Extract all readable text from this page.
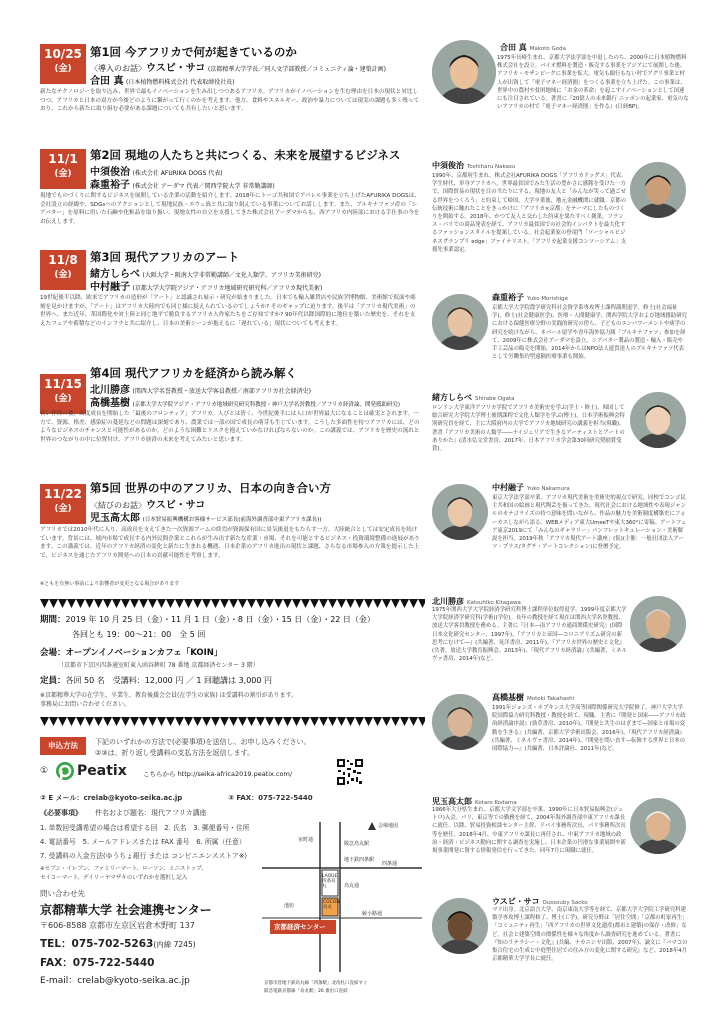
10/25
(金)
第1回 今アフリカで何が起きているのか
〈導入のお話〉ウスビ・サコ (京都精華大学学長／同人文学部教授／コミュニティ論・建築計画)
合田 真 (日本植物燃料株式会社 代表取締役社長)
新たなテクノロジーを取り込み、世界で最もイノベーションを生み出しつつあるアフリカ。アフリカがイノベーションを生む理由を日本の現状と対比しつつ、アフリカと日本の双方が今後どのように繋がって行くのかを考えます。他方、食料やエネルギー、政治や暴力については現実の課題も多く残っており、これから新たに取り組む必要がある課題についても共有したいと思います。
11/1
(金)
第2回 現地の人たちと共につくる、未来を展望するビジネス
中須俊治 (株式会社 AFURIKA DOGS 代表)
森重裕子 (株式会社 アーダマ 代表／関西学院大学 非常勤講師)
現地でものづくりに関するビジネスを展開している企業の活動を紹介します。2018年にトーゴ共和国でアパレル事業を立ち上げたAFURIKA DOGSは、会社設立の経緯や、SDGsへのアクションとして現地民族・エウェ族と共に取り組んでいる事業についてお話しします。また、ブルキナファソ産の「シアバター」を原料に用いた石鹸や化粧品を取り扱い、現地女性の自立を支援してきた株式会社アーダマからも、西アフリカ内陸部における手仕事の今をお伝えします。
11/8
(金)
第3回 現代アフリカのアート
緒方しらべ (大阪大学・阪南大学非常勤講師／文化人類学、アフリカ美術研究)
中村融子 (京都大学大学院アジア・アフリカ地域研究研究科／アフリカ現代美術)
19世紀後半以降、欧米でアフリカの造形が「アート」と認識され展示・研究が始まりました。日本でも輸入雑貨店や民族学博物館、美術館で仮面や彫刻を見かけますが、「アート」はアフリカ大陸内でも同じ様に捉えられているのでしょうか? そのギャップに迫ります。後半は「アフリカ現代美術」の世界へ。また近年、革国際化や対上陸と同じ地平で勝負するアフリカ人作家たちをご存知ですか? 90年代以降国際的に地位を築いた歴史を、それを支えたフェアや蓄積などのインフラと共に紹介し、日本の美術シーンが抱えるに「遅れている」現状についても考えます。
11/15
(金)
第4回 現代アフリカを経済から読み解く
北川勝彦 (関西大学名誉教授・放送大学客員教授／南部アフリカ社会経済史)
高橋基樹 (京都大学大学院アジア・アフリカ地域研究研究科教授・神戸大学名誉教授／アフリカ経済論、開発援助研究)
長い停滞の後、高度成長を開始した「最後のフロンティア」アフリカ。人びとは皆く、今世紀後半には人口が世界最大になることは確実とされます。一方で、資源、格差、感染症の蔓延などの問題は深刻であり、農業では一部の国で成長の萌芽も生じています。こうした多面性を持つアフリカには、どのようなビジネスのチャンスと可能性があるのか。どのような困難とリスクを抱えていかなければならないのか。この講義では、アフリカを歴史の流れと世界のつながりの中に位置付け、アフリカ経済の未来を考えてみたいと思います。
11/22
(金)
第5回 世界の中のアフリカ、日本の向き合い方
〈結びのお話〉ウスビ・サコ
児玉高太郎 (日本貿易振興機構お客様サービス部長(前海外調査部中東アフリカ課長))
アフリカでは2010年代に入り、高成長を支えてきた一次資源ブームの終焉が資源保有国に景気後退をもたらす一方、大陸統合としては安定成長を続けています。背景には、域内市場で成長する内外民間企業とこれらが生み出す新たな産業・市場、それを可能とするビジネス・投資環境整備の進展があります。この講義では、近年のアフリカ経済の変化と新たに生まれる機遇、日本企業のアフリカ進出の現状と課題、さらなる市場参入の方策を提示した上で、ビジネスを通じたアフリカ開発への日本の貢献可能性を考察します。
※ともを有無い事前により影響者が変更となる場合があります
期間：2019 年 10 月 25 日（金）・11 月 1 日（金）・8 日（金）・15 日（金）・22 日（金）
各回とも 19：00～21：00　全 5 回
会場：オープンイノベーションカフェ「KOIN」
（京都市下京区四条通室町東入函谷鉾町 78 番地 京都経済センター 3 階）
定員：各回 50 名　受講料：12,000 円 ／ 1 回聴講は 3,000 円
※京都精華大学の在学生、卒業生、教育後援会会員(在学生の家族) は受講料の割引があります。
事務局にお問い合わせください。
申込方法	下記のいずれかの方法で(必要事項)を送信し、お申し込みください。
②③は、折り返し受講料の支払方法を返信します。
① Peatix	こちらから http://seika-africa2019.peatix.com/
② E メール：crelab@kyoto-seika.ac.jp	③ FAX：075-722-5440
《必要事項》 件名および題名：現代アフリカ講座
1. 単数回受講希望の場合は希望する回　2. 氏名　3. 郵便番号・住所
4. 電話番号　5. メールアドレスまたは FAX 番号　6. 所属（任意）
7. 受講料の入金方法(ゆうちょ銀行 または コンビニエンスストア※)
※セブン・イレブン、ファミリーマート、ローソン、ミニストップ、
セイコーマート、デイリーヤマザキのいずれかを選択し記入
問い合わせ先
京都精華大学 社会連携センター
〒606-8588 京都市左京区岩倉木野町 137
TEL：075-702-5263(内線 7245)
FAX：075-722-5440
E-mail：crelab@kyoto-seika.ac.jp
会場地図
阪急烏丸駅
地下鉄四条駅
四条通
烏丸通
室町通
綾小路通
池坊
LAQUE 四条烏丸
COCON 烏丸
京都経済センター
京都市営地下鉄烏丸線「四条駅」北改札口直結すぐ
阪急電鉄京都線「烏丸駅」26 番出口直結
合田 真 Makoto Goda
1975年長崎生まれ。京都大学法学部を中退したのち、2000年に日本植物燃料株式会社を設立。バイオ燃料を製造・販売する事業をアジアにて展開した後、アフリカ・モザンビークに事業を拡大。電気も銀行もない村でアグリ事業と村人が出資して「電子マネー経済圏」をつくる事業を立ち上げた。この事業は、世界中の農村や貧困地域に「お金の革命」を起こすイノベーションとして国連にも注目されている。著書に『20億人の未来銀行 ニッポンの起業家、電気のないアフリカの村で「電子マネー経済圏」を作る』(日経BP)。
中須俊治 Toshiharu Nakasu
1990年、京都府生まれ。株式会社AFURIKA DOGS「アフリカドッグス」代表。学生時代、単身アフリカへ。世界最貧国でみた生活の豊かさに感銘を受けた一方で、国際貿易の現状を目の当たりにする。現地の友人と「みんなが笑って過ごせる世界をつくろう」と約束して帰国。大学卒業後、地元金融機関に就職。京都の伝統技術に触れたことをきっかけに「アフリカ×京都」をテーマにしたものづくりを開始する。2018年、かつて友人と交わした約束を果たすべく創業。フランス・パリでの商品発表を経て、アフリカ最貧国での社会的インパクトを最大化するファッションスタイルを提案している。社会起業家の登竜門「ソーシャルビジネスグランプリ edge」ファイナリスト。「アフリカ起業支援コンソーシアム」支援先事業認定。
森重裕子 Yuko Morishige
京都大学大学院農学研究科社会資学系専攻博士課程満期退学。修士(社会福祉学)、修士(社会健康医学)、医療・人間健康学。関西学院大学および地域援助研究における保健医療分野の実践的研究の傍ら、子どものエンパワーメントや痰学の研究を続けながら、ネパール留学や青年海外協力隊「ブルキナファソ」参加を経て、2009年に株式会社アーダマを設立。シアバター製品の製造・輸入・販売や手工芸品の販売を開始。2014年からはNPO法人遊貴達人のブルキナファソ代表として労働集約型遠隔医療事業も開始。
緒方しらべ Shirabe Ogata
ロンドン大学東洋アフリカ学院でアフリカ美術史を学ぶ(学士・修士)。帰国して総合研究大学院大学博士後期課程で文化人類学を学ぶ(博士)。日本学術振興会特別研究員を経て、主に大阪府内の大学でアフリカ地域研究の講義を担当(現職)。著書『アフリカ美術の人類学――ナイジェリアで生きるアーティストとアートのありかた』(清水弘文堂書房、2017年、日本アフリカ学会第30回研究奨励賞受賞)。
中村融子 Yuko Nakamura
東京大学法学部卒業。アフリカ現代美術を美術史的視点で研究。同校でコンゴ民主共和国の絵画と現代陶芸を扱ってきた。現代社会における地域性や表現ジャンルのカテゴライズの持つ意味を問いながら、作品の魅力を美術制度構築史にフォーカスしながら語る。WEBメディア東大UmeeTや東大360°に寄稿。アートフェア東京2019にて「みんなのギャラリー」パンフレットキュレーション・美術解説を担当。2019年秋「アフリカ現代アート講座」(仮)(主催：一般社団法人アーツ・プラス/タグチ・アートコレクション)に登壇予定。
北川勝彦 Katsuhiko Kitagawa
1975年関西大学大学院経済学研究科博士課程単位取得退学。1999年度京都大学大学院経済学研究科(学術)(学位)。長年の教授を経て現在は関西大学名誉教授、放送大学客員教授を務める。主著に『日本―南アフリカ通商関係史研究』(国際日本文化研究センター、1997年)、『アフリカと帝国―コロニアリズム研究の新思考にむけて―』(共編著、晃洋書房、2011年)、『アフリカ世界の歴史と文化』(共著、放送大学教育振興会、2013年)、『現代アフリカ経済論』(共編著、ミネルヴァ書房、2014年)など。
高橋基樹 Motoki Takahashi
1991年ジョンズ・ホプキンス大学高等国際関係研究大学院修了。神戸大学大学院国際協力研究科教授・教授を経て、現職。主著に『開発と国家――アフリカ政治経済論序説』(勁草書房、2010年)、『開発と共生のはざまで―国家と市場の変動を生きる』(共編著、京都大学学術出版会、2016年)、『現代アフリカ経済論』(共編著、ミネルヴァ書房、2014年)、『開発を問い直す―転換する世界と日本の国際協力―』(共編著、日本評論社、2011年)など。
児玉高太郎 Kotaro Kodama
1966年大分県生まれ。京都大学文学部を卒業、1990年に日本貿易振興会(ジェトロ)入会。パリ、東京等での勤務を経て、2004年海外調査部中東アフリカ課長に就任。以降、貿易投資相談センター主幹、ドバイ事務所次長、パリ事務所次長等を歴任。2018年4月、中東アフリカ課長に再任され、中東アフリカ地域の政治・経済・ビジネス動向に関する調査を実施し、日本企業の円滑な事業展開や新規事業開発に資する情報発信を行ってきた。同年7月に現職に就任。
ウスビ・サコ Oussouby Sacko
マリ出身。北京語言大学、南京東南大学等を経て、京都大学大学院工学研究科建築学専攻博士課程修了、博士(工学)。研究分野は「居住空間」「京都の町家再生」「コミュニティ再生」「西アフリカの世界文化遺産(都市と建築)の保存・改修」など。社会と建築空間の関係性を様々な角度から調査研究を進めている。著書に『知のリテラシー・文化』(共編、ナカニシヤ出版、2007年)、論文に『バマコの集合住宅の生成と中庭型住居での住み方の変化に関する研究』など。2018年4月京都精華大学学長に就任。
